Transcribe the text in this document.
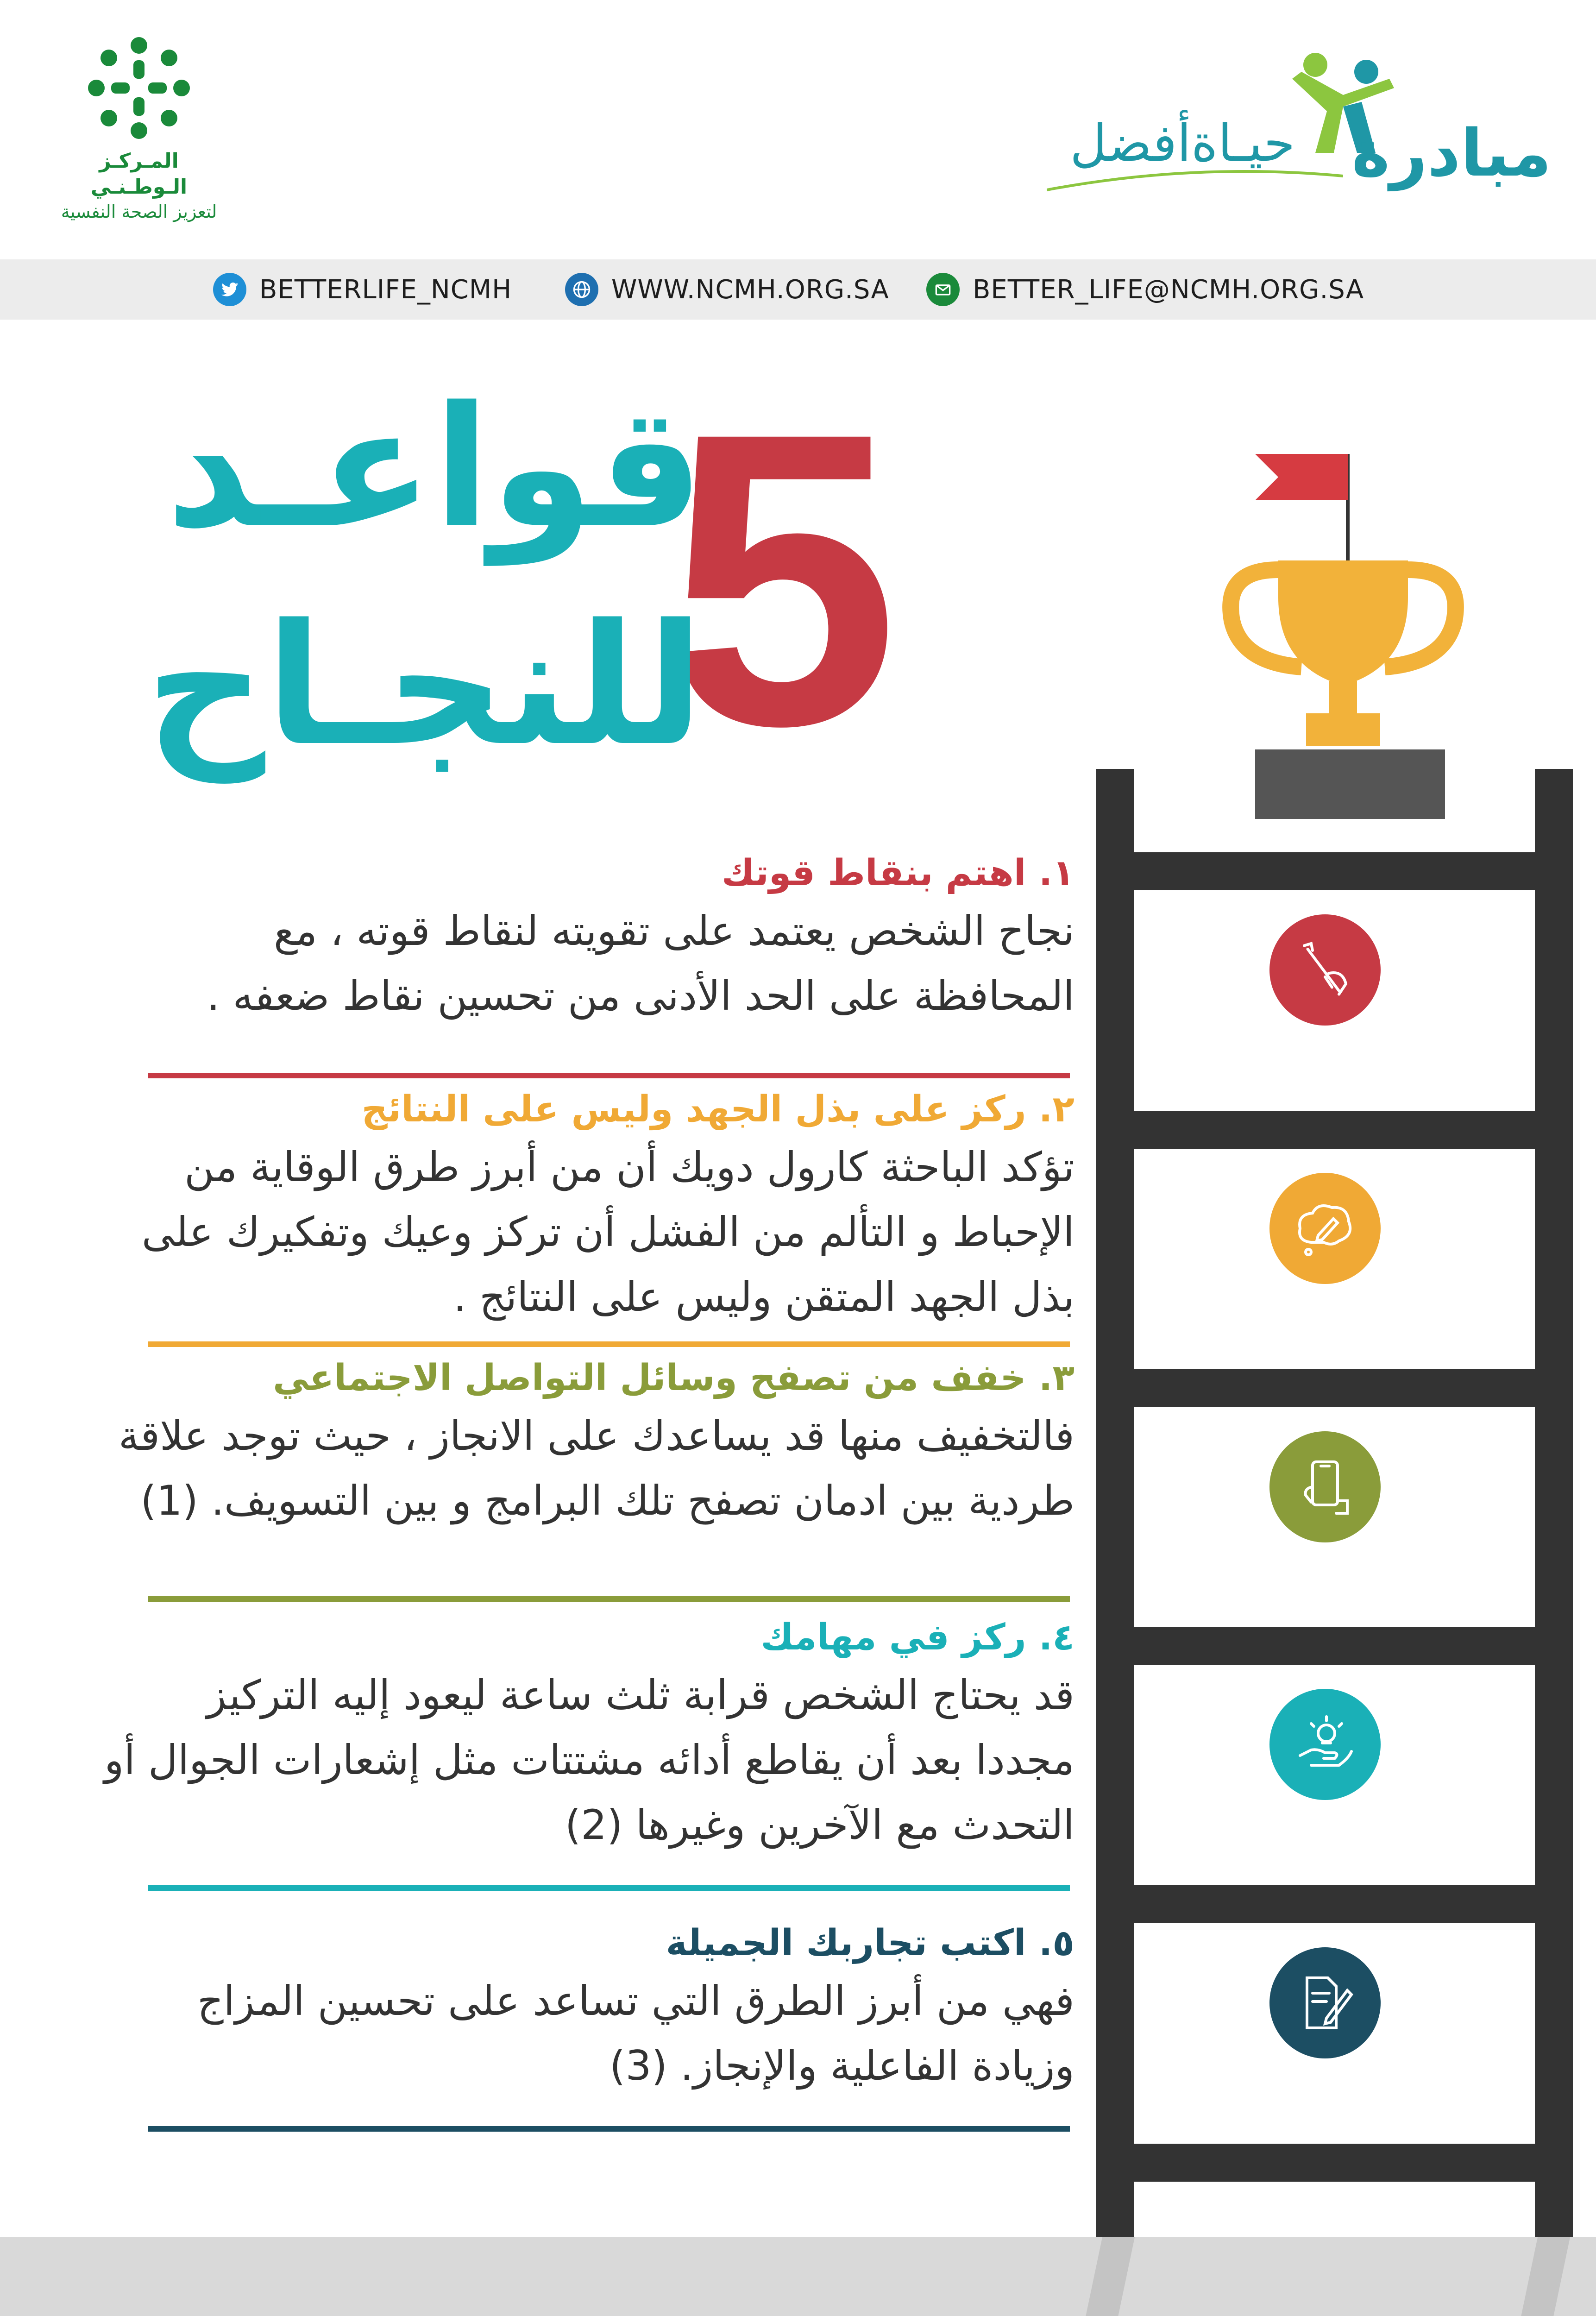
المـركـز الـوطـنـي
لتعزيز الصحة النفسية
مبادرة
حيـاةأفضل
BETTERLIFE_NCMH	WWW.NCMH.ORG.SA	BETTER_LIFE@NCMH.ORG.SA
5
قواعـد
للنجـاح
١. اهتم بنقاط قوتك

نجاح الشخص يعتمد على تقويته لنقاط قوته ، مع المحافظة على الحد الأدنى من تحسين نقاط ضعفه .

٢. ركز على بذل الجهد وليس على النتائج

تؤكد الباحثة كارول دويك أن من أبرز طرق الوقاية من الإحباط و التألم من الفشل أن تركز وعيك وتفكيرك على بذل الجهد المتقن وليس على النتائج .

٣. خفف من تصفح وسائل التواصل الاجتماعي

فالتخفيف منها قد يساعدك على الانجاز ، حيث توجد علاقة طردية بين ادمان تصفح تلك البرامج و بين التسويف. (1)

٤. ركز في مهامك

قد يحتاج الشخص قرابة ثلث ساعة ليعود إليه التركيز مجددا بعد أن يقاطع أدائه مشتتات مثل إشعارات الجوال أو التحدث مع الآخرين وغيرها (2)

٥. اكتب تجاربك الجميلة

فهي من أبرز الطرق التي تساعد على تحسين المزاج وزيادة الفاعلية والإنجاز. (3)
